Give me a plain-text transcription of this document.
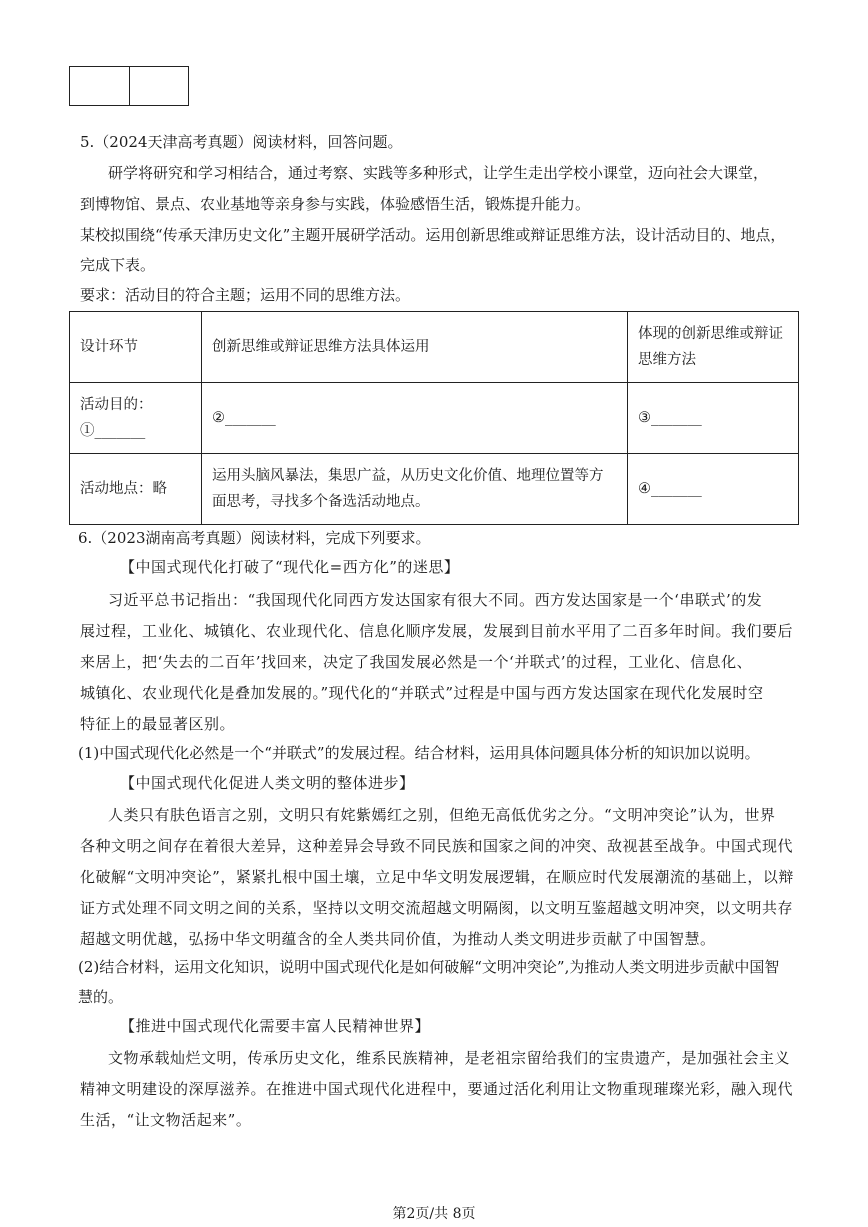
5.（2024天津高考真题）阅读材料，回答问题。
研学将研究和学习相结合，通过考察、实践等多种形式，让学生走出学校小课堂，迈向社会大课堂，
到博物馆、景点、农业基地等亲身参与实践，体验感悟生活，锻炼提升能力。
某校拟围绕“传承天津历史文化”主题开展研学活动。运用创新思维或辩证思维方法，设计活动目的、地点，
完成下表。
要求：活动目的符合主题；运用不同的思维方法。
设计环节	创新思维或辩证思维方法具体运用	体现的创新思维或辩证思维方法
活动目的：①_______	②_______	③_______
活动地点：略	运用头脑风暴法，集思广益，从历史文化价值、地理位置等方面思考，寻找多个备选活动地点。	④_______
6.（2023湖南高考真题）阅读材料，完成下列要求。
【中国式现代化打破了“现代化=西方化”的迷思】
习近平总书记指出：“我国现代化同西方发达国家有很大不同。西方发达国家是一个‘串联式’的发
展过程，工业化、城镇化、农业现代化、信息化顺序发展，发展到目前水平用了二百多年时间。我们要后
来居上，把‘失去的二百年’找回来，决定了我国发展必然是一个‘并联式’的过程，工业化、信息化、
城镇化、农业现代化是叠加发展的。”现代化的“并联式”过程是中国与西方发达国家在现代化发展时空
特征上的最显著区别。
(1)中国式现代化必然是一个“并联式”的发展过程。结合材料，运用具体问题具体分析的知识加以说明。
【中国式现代化促进人类文明的整体进步】
人类只有肤色语言之别，文明只有姹紫嫣红之别，但绝无高低优劣之分。“文明冲突论”认为，世界
各种文明之间存在着很大差异，这种差异会导致不同民族和国家之间的冲突、敌视甚至战争。中国式现代
化破解“文明冲突论”，紧紧扎根中国土壤，立足中华文明发展逻辑，在顺应时代发展潮流的基础上，以辩
证方式处理不同文明之间的关系，坚持以文明交流超越文明隔阂，以文明互鉴超越文明冲突，以文明共存
超越文明优越，弘扬中华文明蕴含的全人类共同价值，为推动人类文明进步贡献了中国智慧。
(2)结合材料，运用文化知识，说明中国式现代化是如何破解“文明冲突论”,为推动人类文明进步贡献中国智
慧的。
【推进中国式现代化需要丰富人民精神世界】
文物承载灿烂文明，传承历史文化，维系民族精神，是老祖宗留给我们的宝贵遗产，是加强社会主义
精神文明建设的深厚滋养。在推进中国式现代化进程中，要通过活化利用让文物重现璀璨光彩，融入现代
生活，“让文物活起来”。
第2页/共 8页
